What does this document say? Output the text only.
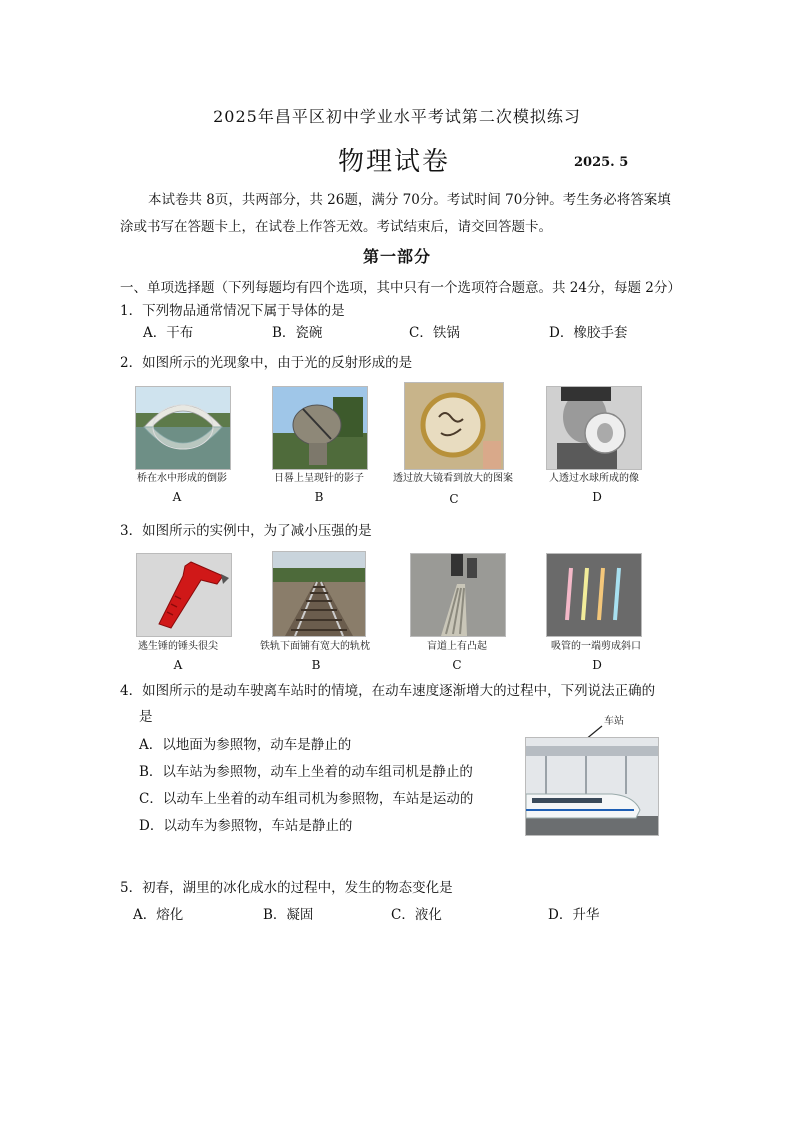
2025年昌平区初中学业水平考试第二次模拟练习
物理试卷	2025. 5
本试卷共 8页，共两部分，共 26题，满分 70分。考试时间 70分钟。考生务必将答案填涂或书写在答题卡上，在试卷上作答无效。考试结束后，请交回答题卡。
第一部分
一、单项选择题（下列每题均有四个选项，其中只有一个选项符合题意。共 24分，每题 2分）
1．下列物品通常情况下属于导体的是
A．干布	B．瓷碗	C．铁锅	D．橡胶手套
2．如图所示的光现象中，由于光的反射形成的是
桥在水中形成的倒影	日晷上呈现针的影子	透过放大镜看到放大的图案	人透过水球所成的像
A	B	C	D
3．如图所示的实例中，为了减小压强的是
逃生锤的锤头很尖	铁轨下面铺有宽大的轨枕	盲道上有凸起	吸管的一端剪成斜口
A	B	C	D
4．如图所示的是动车驶离车站时的情境，在动车速度逐渐增大的过程中，下列说法正确的
是
A．以地面为参照物，动车是静止的
B．以车站为参照物，动车上坐着的动车组司机是静止的
C．以动车上坐着的动车组司机为参照物，车站是运动的
D．以动车为参照物，车站是静止的
车站
5．初春，湖里的冰化成水的过程中，发生的物态变化是
A．熔化	B．凝固	C．液化	D．升华
